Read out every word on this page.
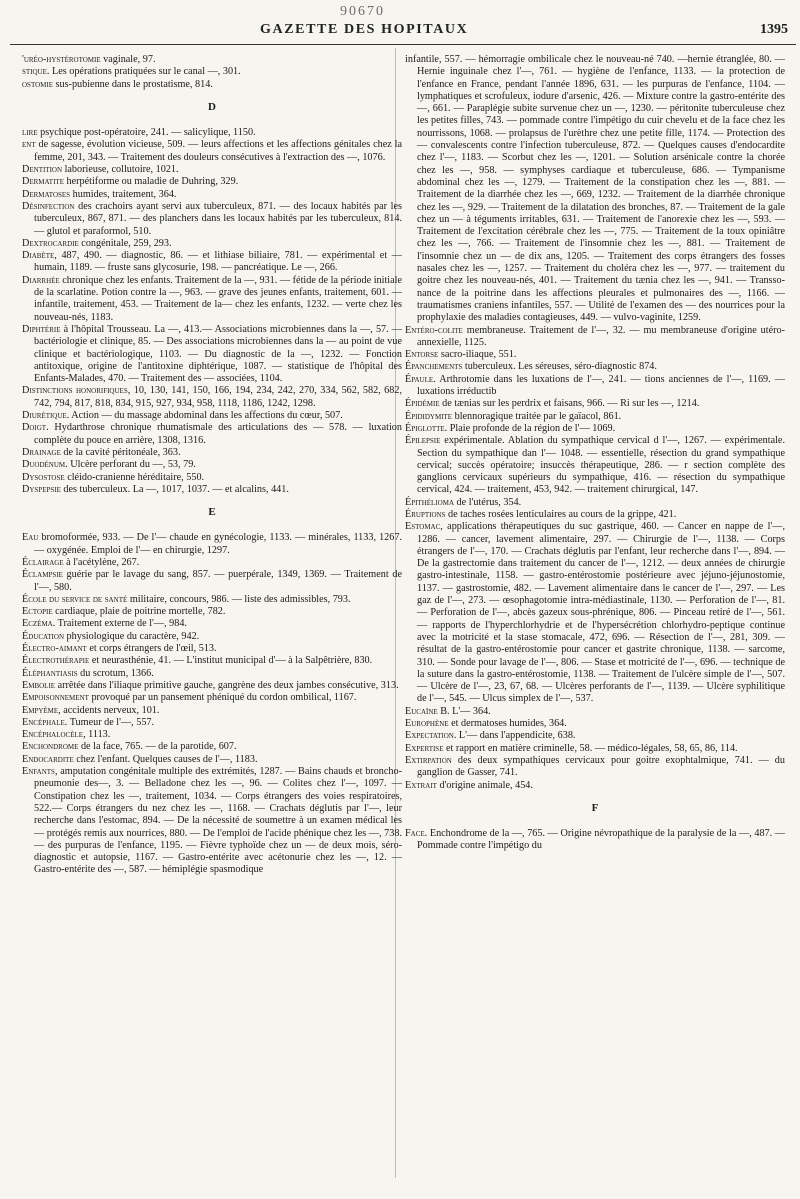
90670
GAZETTE DES HOPITAUX	1395

'uréo-hystérotomie vaginale, 97.

stique. Les opérations pratiquées sur le canal —, 301.

ostomie sus-pubienne dans le prostatisme, 814.

D

lire psychique post-opératoire, 241. — salicylique, 1150.

ent de sagesse, évolution vicieuse, 509. — leurs affections et les affections génitales chez la femme, 201, 343. — Traitement des douleurs consécutives à l'extraction des —, 1076.

Dentition laborieuse, collutoire, 1021.

Dermatite herpétiforme ou maladie de Duhring, 329.

Dermatoses humides, traitement, 364.

Désinfection des crachoirs ayant servi aux tuberculeux, 871. — des locaux habités par les tuberculeux, 867, 871. — des planchers dans les locaux habités par les tuberculeux, 814. — glutol et paraformol, 510.

Dextrocardie congénitale, 259, 293.

Diabète, 487, 490. — diagnostic, 86. — et lithiase biliaire, 781. — expérimental et — humain, 1189. — fruste sans glycosurie, 198. — pancréatique. Le —, 266.

Diarrhée chronique chez les enfants. Traitement de la —, 931. — fétide de la période initiale de la scarlatine. Potion contre la —, 963. — grave des jeunes enfants, traitement, 601. — infantile, traitement, 453. — Traitement de la— chez les enfants, 1232. — verte chez les nouveau-nés, 1183.

Diphtérie à l'hôpital Trousseau. La —, 413.— Associations microbiennes dans la —, 57. — bactériologie et clinique, 85. — Des associations microbiennes dans la — au point de vue clinique et bactériologique, 1103. — Du diagnostic de la —, 1232. — Fonction antitoxique, origine de l'antitoxine diphtérique, 1087. — statistique de l'hôpital des Enfants-Malades, 470. — Traitement des — associées, 1104.

Distinctions honorifiques, 10, 130, 141, 150, 166, 194, 234, 242, 270, 334, 562, 582, 682, 742, 794, 817, 818, 834, 915, 927, 934, 958, 1118, 1186, 1242, 1298.

Diurétique. Action — du massage abdominal dans les affections du cœur, 507.

Doigt. Hydarthrose chronique rhumatismale des articulations des — 578. — luxation complète du pouce en arrière, 1308, 1316.

Drainage de la cavité péritonéale, 363.

Duodénum. Ulcère perforant du —, 53, 79.

Dysostose cléido-cranienne héréditaire, 550.

Dyspepsie des tuberculeux. La —, 1017, 1037. — et alcalins, 441.

E

Eau bromoformée, 933. — De l'— chaude en gynécologie, 1133. — minérales, 1133, 1267. — oxygénée. Emploi de l'— en chirurgie, 1297.

Éclairage à l'acétylène, 267.

Éclampsie guérie par le lavage du sang, 857. — puerpérale, 1349, 1369. — Traitement de l'—, 580.

École du service de santé militaire, concours, 986. — liste des admissibles, 793.

Ectopie cardiaque, plaie de poitrine mortelle, 782.

Eczéma. Traitement externe de l'—, 984.

Éducation physiologique du caractère, 942.

Électro-aimant et corps étrangers de l'œil, 513.

Électrothérapie et neurasthénie, 41. — L'institut municipal d'— à la Salpêtrière, 830.

Éléphantiasis du scrotum, 1366.

Embolie arrêtée dans l'iliaque primitive gauche, gangrène des deux jambes consécutive, 313.

Empoisonnement provoqué par un pansement phéniqué du cordon ombilical, 1167.

Empyème, accidents nerveux, 101.

Encéphale. Tumeur de l'—, 557.

Encéphalocèle, 1113.

Enchondrome de la face, 765. — de la parotide, 607.

Endocardite chez l'enfant. Quelques causes de l'—, 1183.

Enfants, amputation congénitale multiple des extrémités, 1287. — Bains chauds et broncho-pneumonie des—, 3. — Belladone chez les —, 96. — Colites chez l'—, 1097. — Constipation chez les —, traitement, 1034. — Corps étrangers des voies respiratoires, 522.— Corps étrangers du nez chez les —, 1168. — Crachats déglutis par l'—, leur recherche dans l'estomac, 894. — De la nécessité de soumettre à un examen médical les — protégés remis aux nourrices, 880. — De l'emploi de l'acide phénique chez les —, 738. — des purpuras de l'enfance, 1195. — Fièvre typhoïde chez un — de deux mois, séro-diagnostic et autopsie, 1167. — Gastro-entérite avec acétonurie chez les —, 12. — Gastro-entérite des —, 587. — hémiplégie spasmodique

infantile, 557. — hémorragie ombilicale chez le nouveau-né 740. —hernie étranglée, 80. — Hernie inguinale chez l'—, 761. — hygiène de l'enfance, 1133. — la protection de l'enfance en France, pendant l'année 1896, 631. — les purpuras de l'enfance, 1104. — lymphatiques et scrofuleux, iodure d'arsenic, 426. — Mixture contre la gastro-entérite des —, 661. — Paraplégie subite survenue chez un —, 1230. — péritonite tuberculeuse chez les petites filles, 743. — pommade contre l'impétigo du cuir chevelu et de la face chez les nourrissons, 1068. — prolapsus de l'urèthre chez une petite fille, 1174. — Protection des — convalescents contre l'infection tuberculeuse, 872. — Quelques causes d'endocardite chez l'—, 1183. — Scorbut chez les —, 1201. — Solution arsénicale contre la chorée chez les —, 958. — symphyses cardiaque et tuberculeuse, 686. — Tympanisme abdominal chez les —, 1279. — Traitement de la constipation chez les —, 881. — Traitement de la diarrhée chez les —, 669, 1232. — Traitement de la diarrhée chronique chez les —, 929. — Traitement de la dilatation des bronches, 87. — Traitement de la gale chez un — à téguments irritables, 631. — Traitement de l'anorexie chez les —, 593. — Traitement de l'excitation cérébrale chez les —, 775. — Traitement de la toux opiniâtre chez les —, 766. — Traitement de l'insomnie chez les —, 881. — Traitement de l'insomnie chez un — de dix ans, 1205. — Traitement des corps étrangers des fosses nasales chez les —, 1257. — Traitement du choléra chez les —, 977. — traitement du goitre chez les nouveau-nés, 401. — Traitement du tænia chez les —, 941. — Transsonance de la poitrine dans les affections pleurales et pulmonaires des —, 1166. — traumatismes craniens infantiles, 557. — Utilité de l'examen des — des nourrices pour la prophylaxie des maladies contagieuses, 449. — vulvo-vaginite, 1259.

Entéro-colite membraneuse. Traitement de l'—, 32. — mu membraneuse d'origine utéro-annexielle, 1125.

Entorse sacro-iliaque, 551.

Épanchements tuberculeux. Les séreuses, séro-diagnostic 874.

Épaule. Arthrotomie dans les luxations de l'—, 241. — tions anciennes de l'—, 1169. — luxations irréductib

Épidémie de tænias sur les perdrix et faisans, 966. — Ri sur les —, 1214.

Épididymite blennoragique traitée par le gaïacol, 861.

Épiglotte. Plaie profonde de la région de l'— 1069.

Épilepsie expérimentale. Ablation du sympathique cervical d l'—, 1267. — expérimentale. Section du sympathique dan l'— 1048. — essentielle, résection du grand sympathique cervical; succès opératoire; insuccès thérapeutique, 286. — r section complète des ganglions cervicaux supérieurs du sympathique, 416. — résection du sympathique cervical, 424. — traitement, 453, 942. — traitement chirurgical, 147.

Épithélioma de l'utérus, 354.

Éruptions de taches rosées lenticulaires au cours de la grippe, 421.

Estomac, applications thérapeutiques du suc gastrique, 460. — Cancer en nappe de l'—, 1286. — cancer, lavement alimentaire, 297. — Chirurgie de l'—, 1138. — Corps étrangers de l'—, 170. — Crachats déglutis par l'enfant, leur recherche dans l'—, 894. — De la gastrectomie dans traitement du cancer de l'—, 1212. — deux années de chirurgie gastro-intestinale, 1158. — gastro-entérostomie postérieure avec jéjuno-jéjunostomie, 1137. — gastrostomie, 482. — Lavement alimentaire dans le cancer de l'—, 297. — Les gaz de l'—, 273. — œsophagotomie intra-médiastinale, 1130. — Perforation de l'—, 81. — Perforation de l'—, abcès gazeux sous-phrénique, 806. — Pinceau retiré de l'—, 561. — rapports de l'hyperchlorhydrie et de l'hypersécrétion chlorhydro-peptique continue avec la motricité et la stase stomacale, 472, 696. — Résection de l'—, 281, 309. — résultat de la gastro-entérostomie pour cancer et gastrite chronique, 1138. — sarcome, 310. — Sonde pour lavage de l'—, 806. — Stase et motricité de l'—, 696. — technique de la suture dans la gastro-entérostomie, 1138. — Traitement de l'ulcère simple de l'—, 507. — Ulcère de l'—, 23, 67, 68. — Ulcères perforants de l'—, 1139. — Ulcère syphilitique de l'—, 545. — Ulcus simplex de l'—, 537.

Eucaïne B. L'— 364.

Europhène et dermatoses humides, 364.

Expectation. L'— dans l'appendicite, 638.

Expertise et rapport en matière criminelle, 58. — médico-légales, 58, 65, 86, 114.

Extirpation des deux sympathiques cervicaux pour goitre exophtalmique, 741. — du ganglion de Gasser, 741.

Extrait d'origine animale, 454.

F

Face. Enchondrome de la —, 765. — Origine névropathique de la paralysie de la —, 487. — Pommade contre l'impétigo du
